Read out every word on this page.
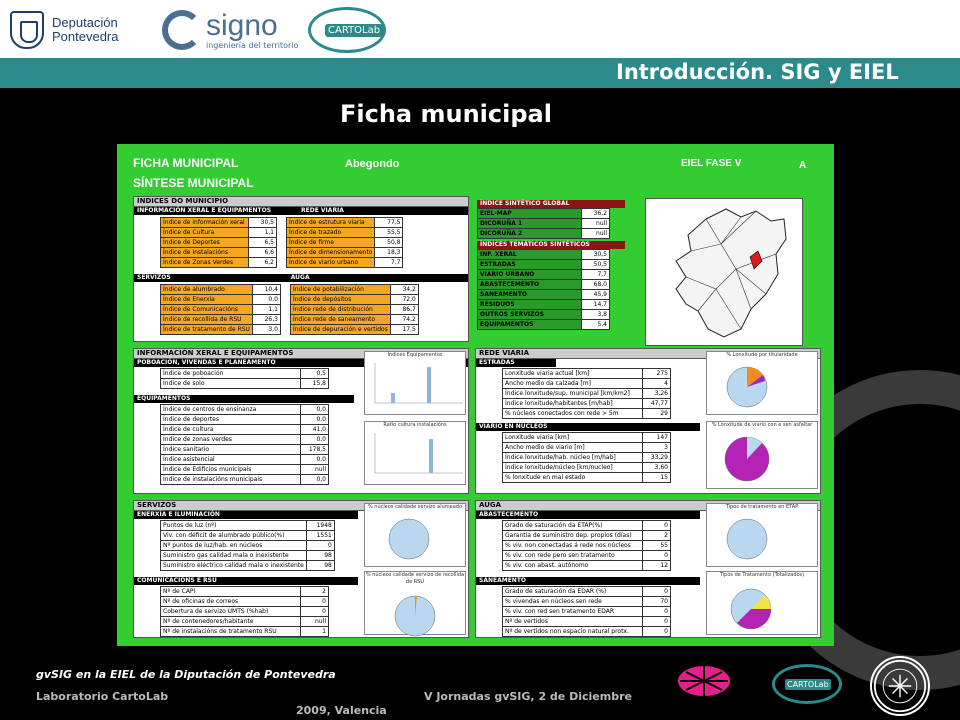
Deputación
Pontevedra	signo
ingeniería del territorio
CARTOLab
Introducción. SIG y EIEL
Ficha municipal
FICHA MUNICIPAL
SÍNTESE MUNICIPAL
Abegondo	EIEL FASE V	A
ÍNDICES DO MUNICIPIO
INFORMACIÓN XERAL E EQUIPAMENTOS	REDE VIARIA
Índice de información xeral	30,5		Índice de estrutura viaria	77,5
Índice de Cultura	1,1		Índice de trazado	55,5
Índice de Deportes	6,5		Índice de firme	50,8
Índice de Instalacións	6,6		Índice de dimensionamento	18,3
Índice de Zonas Verdes	6,2		Índice de viario urbano	7,7
SERVIZOS	AUGA
Índice de alumbrado	10,4		Índice de potabilización	34,2
Índice de Enerxía	0,0		Índice de depósitos	72,0
Índice de Comunicacións	1,1		Índice rede de distribución	86,7
Índice de recollida de RSU	26,3		Índice rede de saneamento	74,2
Índice de tratamento de RSU	3,0		Índice de depuración e vertidos	17,5
ÍNDICE SINTÉTICO GLOBAL
EIEL-MAP	36,2
DICORUÑA 1	null
DICORUÑA 2	null
ÍNDICES TEMÁTICOS SINTÉTICOS
INF. XERAL	30,5
ESTRADAS	50,5
VIARIO URBANO	7,7
ABASTECEMENTO	68,0
SANEAMENTO	45,9
RESIDUOS	14,7
OUTROS SERVIZOS	3,8
EQUIPAMENTOS	5,4
INFORMACIÓN XERAL E EQUIPAMENTOS
POBOACIÓN, VIVENDAS E PLANEAMENTO
Índice de poboación	0,5
Índice de solo	15,8
EQUIPAMENTOS
Índice de centros de ensinanza	0,0
Índice de deportes	0,0
Índice de cultura	41,0
Índice de zonas verdes	0,0
Índice sanitario	178,5
Índice asistencial	0,0
Índice de Edificios municipais	null
Índice de instalacións municipais	0,0
Índices Equipamentos
Ratio cultura instalacións
REDE VIARIA
ESTRADAS
Lonxitude viaria actual [km]	275
Ancho medio da calzada [m]	4
Índice lonxitude/sup. municipal [km/km2]	3,26
Índice lonxitude/habitantes [m/hab]	47,77
% núcleos conectados con rede > 5m	29
VIARIO EN NÚCLEOS
Lonxitude viaria [km]	147
Ancho medio de viario [m]	3
Índice lonxitude/hab. núcleo [m/hab]	33,29
Índice lonxitude/núcleo [km/nucleo]	3,60
% lonxitude en mal estado	15
% Lonxitude por titularidade
% Lonxitude de viario con e sen asfaltar
SERVIZOS
ENERXÍA E ILUMINACIÓN
Puntos de luz (nº)	1948
Viv. con déficit de alumbrado público(%)	1551
Nº puntos de luz/hab. en núcleos	0
Suministro gas calidad mala o inexistente	98
Suministro eléctrico calidad mala o inexistente	98
COMUNICACIÓNS E RSU
Nº de CAPI	2
Nº de oficinas de correos	0
Cobertura de servizo UMTS (%hab)	0
Nº de contenedores/habitante	null
Nº de instalacións de tratamento RSU	1
% núcleos calidade servizo alumeado
% núcleos calidade servizo de recollida de RSU
AUGA
ABASTECEMENTO
Grado de saturación da ETAP(%)	0
Garantía de suministro dep. propios (días)	2
% viv. non conectadas á rede nos núcleos	55
% viv. con rede pero sen tratamento	0
% viv. con abast. autónomo	12
SANEAMENTO
Grado de saturación da EDAR (%)	0
% vivendas en núcleos sen rede	70
% viv. con red sen tratamento EDAR	0
Nº de vertidos	0
Nº de vertidos non espacio natural protx.	0
Tipos de tratamento en ETAP
Tipos de Tratamento (Totalizados)
gvSIG en la EIEL de la Diputación de Pontevedra
Laboratorio CartoLab	V Jornadas gvSIG, 2 de Diciembre
2009, Valencia
CARTOLab
